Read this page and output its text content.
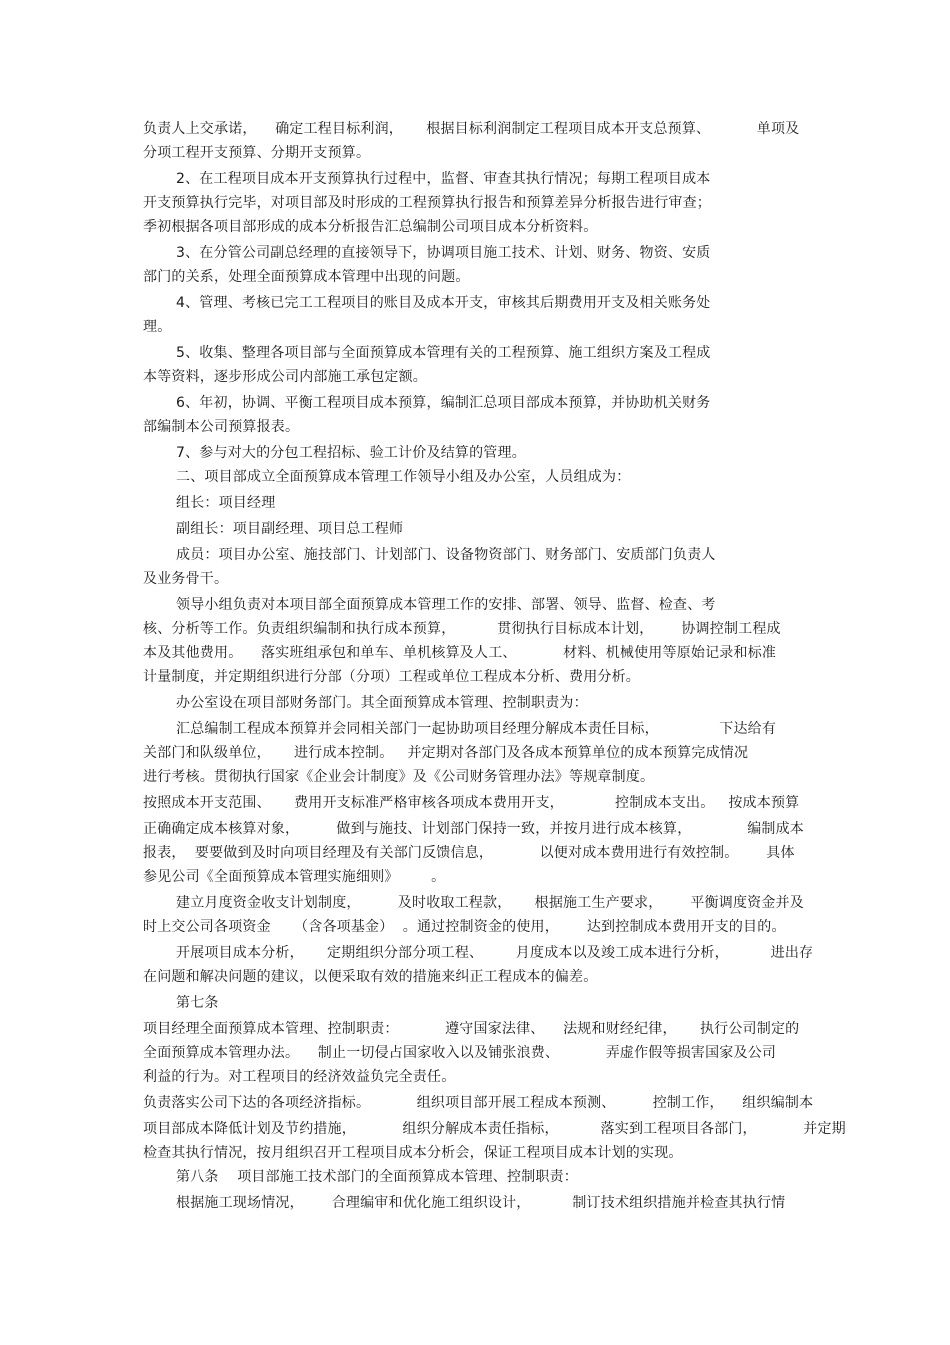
负责人上交承诺，    确定工程目标利润，     根据目标利润制定工程项目成本开支总预算、          单项及
分项工程开支预算、分期开支预算。
2、在工程项目成本开支预算执行过程中，监督、审查其执行情况；每期工程项目成本
开支预算执行完毕，对项目部及时形成的工程预算执行报告和预算差异分析报告进行审查；
季初根据各项目部形成的成本分析报告汇总编制公司项目成本分析资料。
3、在分管公司副总经理的直接领导下，协调项目施工技术、计划、财务、物资、安质
部门的关系，处理全面预算成本管理中出现的问题。
4、管理、考核已完工工程项目的账目及成本开支，审核其后期费用开支及相关账务处
理。
5、收集、整理各项目部与全面预算成本管理有关的工程预算、施工组织方案及工程成
本等资料，逐步形成公司内部施工承包定额。
6、年初，协调、平衡工程项目成本预算，编制汇总项目部成本预算，并协助机关财务
部编制本公司预算报表。
7、参与对大的分包工程招标、验工计价及结算的管理。
二、项目部成立全面预算成本管理工作领导小组及办公室，人员组成为：
组长：项目经理
副组长：项目副经理、项目总工程师
成员：项目办公室、施技部门、计划部门、设备物资部门、财务部门、安质部门负责人
及业务骨干。
领导小组负责对本项目部全面预算成本管理工作的安排、部署、领导、监督、检查、考
核、分析等工作。负责组织编制和执行成本预算，         贯彻执行目标成本计划，      协调控制工程成
本及其他费用。    落实班组承包和单车、单机核算及人工、          材料、机械使用等原始记录和标准
计量制度，并定期组织进行分部（分项）工程或单位工程成本分析、费用分析。
办公室设在项目部财务部门。其全面预算成本管理、控制职责为：
汇总编制工程成本预算并会同相关部门一起协助项目经理分解成本责任目标，             下达给有
关部门和队级单位，     进行成本控制。   并定期对各部门及各成本预算单位的成本预算完成情况
进行考核。贯彻执行国家《企业会计制度》及《公司财务管理办法》等规章制度。
按照成本开支范围、     费用开支标准严格审核各项成本费用开支，           控制成本支出。   按成本预算
正确确定成本核算对象，        做到与施技、计划部门保持一致，并按月进行成本核算，            编制成本
报表，  要要做到及时向项目经理及有关部门反馈信息，          以便对成本费用进行有效控制。      具体
参见公司《全面预算成本管理实施细则》       。
建立月度资金收支计划制度，        及时收取工程款，     根据施工生产要求，      平衡调度资金并及
时上交公司各项资金     （含各项基金）  。通过控制资金的使用，      达到控制成本费用开支的目的。
开展项目成本分析，     定期组织分部分项工程、       月度成本以及竣工成本进行分析，         进出存
在问题和解决问题的建议，以便采取有效的措施来纠正工程成本的偏差。
第七条
项目经理全面预算成本管理、控制职责：          遵守国家法律、    法规和财经纪律，     执行公司制定的
全面预算成本管理办法。    制止一切侵占国家收入以及铺张浪费、          弄虚作假等损害国家及公司
利益的行为。对工程项目的经济效益负完全责任。
负责落实公司下达的各项经济指标。          组织项目部开展工程成本预测、        控制工作，    组织编制本
项目部成本降低计划及节约措施，          组织分解成本责任指标，         落实到工程项目各部门，          并定期
检查其执行情况，按月组织召开工程项目成本分析会，保证工程项目成本计划的实现。
第八条    项目部施工技术部门的全面预算成本管理、控制职责：
根据施工现场情况，      合理编审和优化施工组织设计，         制订技术组织措施并检查其执行情
